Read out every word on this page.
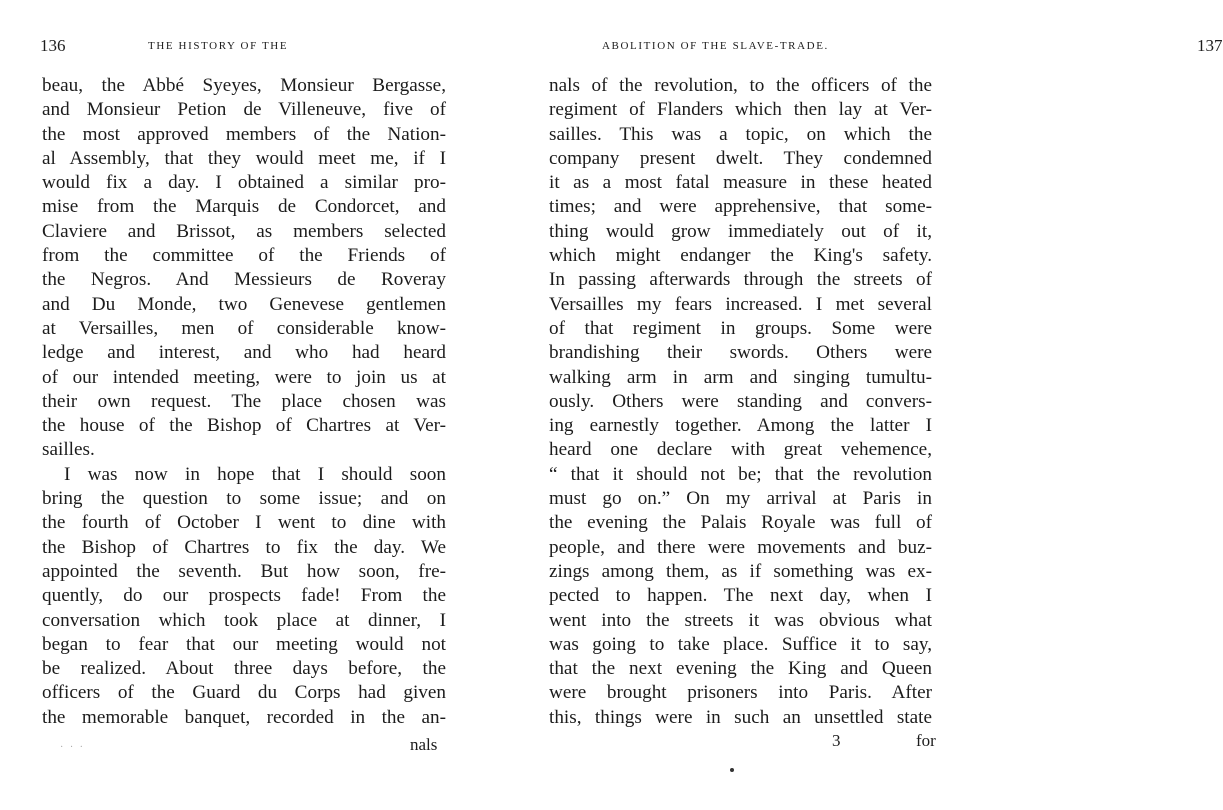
136	THE HISTORY OF THE
beau, the Abbé Syeyes, Monsieur Bergasse,
and Monsieur Petion de Villeneuve, five of
the most approved members of the Nation-
al Assembly, that they would meet me, if I
would fix a day. I obtained a similar pro-
mise from the Marquis de Condorcet, and
Claviere and Brissot, as members selected
from the committee of the Friends of
the Negros. And Messieurs de Roveray
and Du Monde, two Genevese gentlemen
at Versailles, men of considerable know-
ledge and interest, and who had heard
of our intended meeting, were to join us at
their own request. The place chosen was
the house of the Bishop of Chartres at Ver-
sailles.
I was now in hope that I should soon
bring the question to some issue; and on
the fourth of October I went to dine with
the Bishop of Chartres to fix the day. We
appointed the seventh. But how soon, fre-
quently, do our prospects fade! From the
conversation which took place at dinner, I
began to fear that our meeting would not
be realized. About three days before, the
officers of the Guard du Corps had given
the memorable banquet, recorded in the an-
· · ·	nals
ABOLITION OF THE SLAVE-TRADE.	137
nals of the revolution, to the officers of the
regiment of Flanders which then lay at Ver-
sailles. This was a topic, on which the
company present dwelt. They condemned
it as a most fatal measure in these heated
times; and were apprehensive, that some-
thing would grow immediately out of it,
which might endanger the King's safety.
In passing afterwards through the streets of
Versailles my fears increased. I met several
of that regiment in groups. Some were
brandishing their swords. Others were
walking arm in arm and singing tumultu-
ously. Others were standing and convers-
ing earnestly together. Among the latter I
heard one declare with great vehemence,
“ that it should not be; that the revolution
must go on.” On my arrival at Paris in
the evening the Palais Royale was full of
people, and there were movements and buz-
zings among them, as if something was ex-
pected to happen. The next day, when I
went into the streets it was obvious what
was going to take place. Suffice it to say,
that the next evening the King and Queen
were brought prisoners into Paris. After
this, things were in such an unsettled state
3	for
